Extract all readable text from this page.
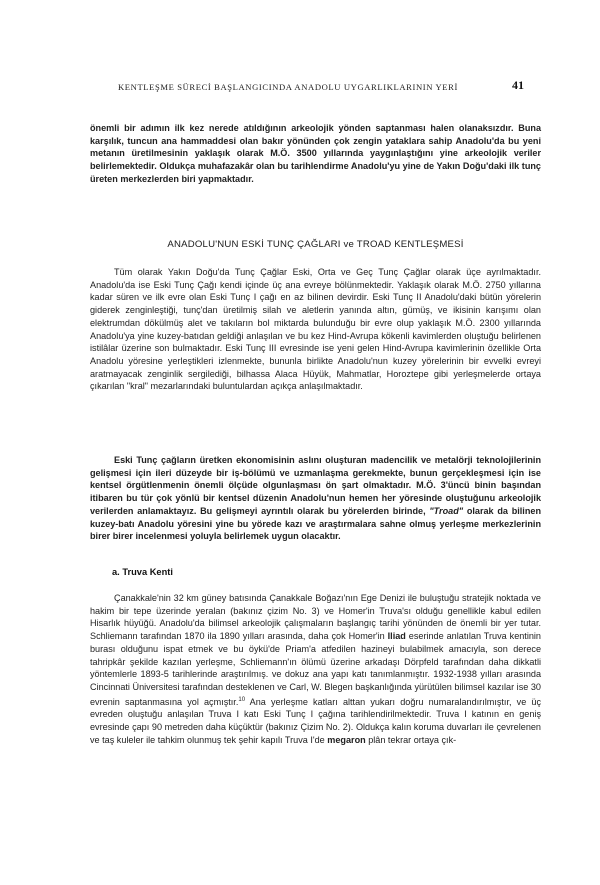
KENTLEŞME SÜRECİ BAŞLANGICINDA ANADOLU UYGARLIKLARININ YERİ	41

önemli bir adımın ilk kez nerede atıldığının arkeolojik yönden saptanması halen olanaksızdır. Buna karşılık, tuncun ana hammaddesi olan bakır yönünden çok zengin yataklara sahip Anadolu'da bu yeni metanın üretilmesinin yaklaşık olarak M.Ö. 3500 yıllarında yaygınlaştığını yine arkeolojik veriler belirlemektedir. Oldukça muhafazakâr olan bu tarihlendirme Anadolu'yu yine de Yakın Doğu'daki ilk tunç üreten merkezlerden biri yapmaktadır.

ANADOLU'NUN ESKİ TUNÇ ÇAĞLARI ve TROAD KENTLEŞMESİ

Tüm olarak Yakın Doğu'da Tunç Çağlar Eski, Orta ve Geç Tunç Çağlar olarak üçe ayrılmaktadır. Anadolu'da ise Eski Tunç Çağı kendi içinde üç ana evreye bölünmektedir. Yaklaşık olarak M.Ö. 2750 yıllarına kadar süren ve ilk evre olan Eski Tunç I çağı en az bilinen devirdir. Eski Tunç II Anadolu'daki bütün yörelerin giderek zenginleştiği, tunç'dan üretilmiş silah ve aletlerin yanında altın, gümüş, ve ikisinin karışımı olan elektrumdan dökülmüş alet ve takıların bol miktarda bulunduğu bir evre olup yaklaşık M.Ö. 2300 yıllarında Anadolu'ya yine kuzey-batıdan geldiği anlaşılan ve bu kez Hind-Avrupa kökenli kavimlerden oluştuğu belirlenen istilâlar üzerine son bulmaktadır. Eski Tunç III evresinde ise yeni gelen Hind-Avrupa kavimlerinin özellikle Orta Anadolu yöresine yerleştikleri izlenmekte, bununla birlikte Anadolu'nun kuzey yörelerinin bir evvelki evreyi aratmayacak zenginlik sergilediği, bilhassa Alaca Hüyük, Mahmatlar, Horoztepe gibi yerleşmelerde ortaya çıkarılan "kral" mezarlarındaki buluntulardan açıkça anlaşılmaktadır.

Eski Tunç çağların üretken ekonomisinin aslını oluşturan madencilik ve metalörji teknolojilerinin gelişmesi için ileri düzeyde bir iş-bölümü ve uzmanlaşma gerekmekte, bunun gerçekleşmesi için ise kentsel örgütlenmenin önemli ölçüde olgunlaşması ön şart olmaktadır. M.Ö. 3'üncü binin başından itibaren bu tür çok yönlü bir kentsel düzenin Anadolu'nun hemen her yöresinde oluştuğunu arkeolojik verilerden anlamaktayız. Bu gelişmeyi ayrıntılı olarak bu yörelerden birinde, "Troad" olarak da bilinen kuzey-batı Anadolu yöresini yine bu yörede kazı ve araştırmalara sahne olmuş yerleşme merkezlerinin birer birer incelenmesi yoluyla belirlemek uygun olacaktır.

a. Truva Kenti

Çanakkale'nin 32 km güney batısında Çanakkale Boğazı'nın Ege Denizi ile buluştuğu stratejik noktada ve hakim bir tepe üzerinde yeralan (bakınız çizim No. 3) ve Homer'in Truva'sı olduğu genellikle kabul edilen Hisarlık hüyüğü. Anadolu'da bilimsel arkeolojik çalışmaların başlangıç tarihi yönünden de önemli bir yer tutar. Schliemann tarafından 1870 ila 1890 yılları arasında, daha çok Homer'in Iliad eserinde anlatılan Truva kentinin burası olduğunu ispat etmek ve bu öykü'de Priam'a atfedilen hazineyi bulabilmek amacıyla, son derece tahripkâr şekilde kazılan yerleşme, Schliemann'ın ölümü üzerine arkadaşı Dörpfeld tarafından daha dikkatli yöntemlerle 1893-5 tarihlerinde araştırılmış. ve dokuz ana yapı katı tanımlanmıştır. 1932-1938 yılları arasında Cincinnati Üniversitesi tarafından desteklenen ve Carl, W. Blegen başkanlığında yürütülen bilimsel kazılar ise 30 evrenin saptanmasına yol açmıştır.$^{10}$ Ana yerleşme katları alttan yukarı doğru numaralandırılmıştır, ve üç evreden oluştuğu anlaşılan Truva I katı Eski Tunç I çağına tarihlendirilmektedir. Truva I katının en geniş evresinde çapı 90 metreden daha küçüktür (bakınız Çizim No. 2). Oldukça kalın koruma duvarları ile çevrelenen ve taş kuleler ile tahkim olunmuş tek şehir kapılı Truva I'de megaron plân tekrar ortaya çık-
